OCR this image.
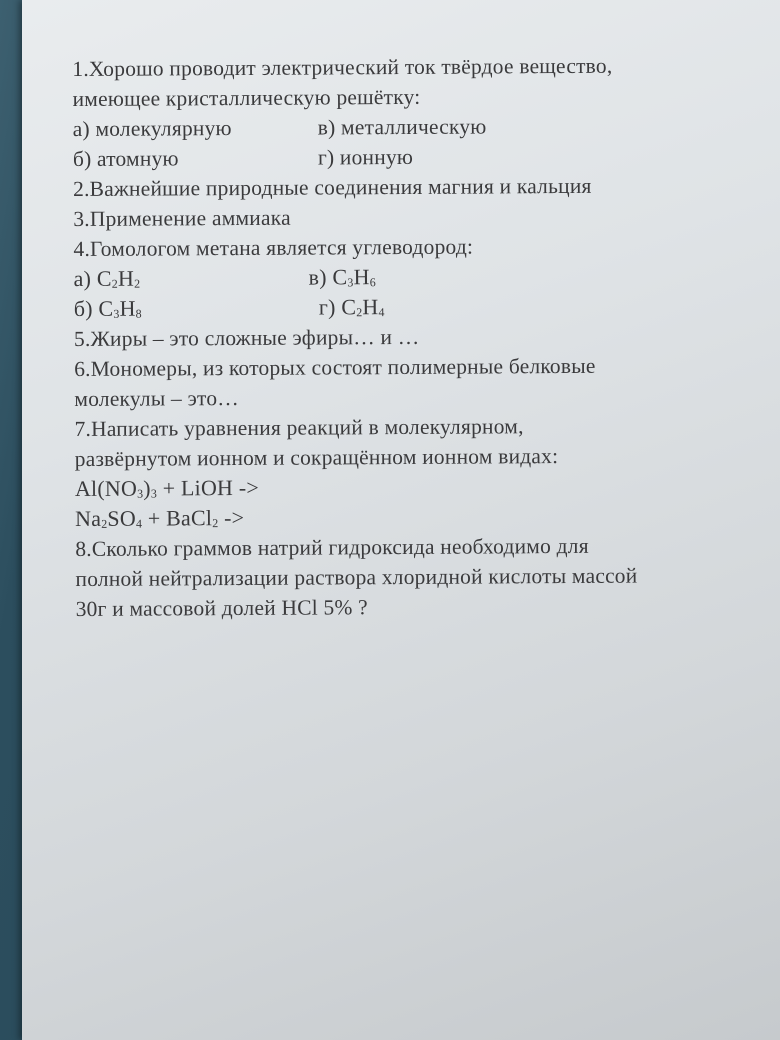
1.Хорошо проводит электрический ток твёрдое вещество,
имеющее кристаллическую решётку:
а) молекулярную	в) металлическую
б) атомную	г) ионную
2.Важнейшие природные соединения магния и кальция
3.Применение аммиака
4.Гомологом метана является углеводород:
а) $C_2H_2$	в) $C_3H_6$
б) $C_3H_8$	г) $C_2H_4$
5.Жиры – это сложные эфиры… и …
6.Мономеры, из которых состоят полимерные белковые
молекулы – это…
7.Написать уравнения реакций в молекулярном,
развёрнутом ионном и сокращённом ионном видах:
$Al(NO_3)_3$ + LiOH ->
$Na_2SO_4$ + BaCl$_2$ ->
8.Сколько граммов натрий гидроксида необходимо для
полной нейтрализации раствора хлоридной кислоты массой
30г и массовой долей HCl 5% ?
